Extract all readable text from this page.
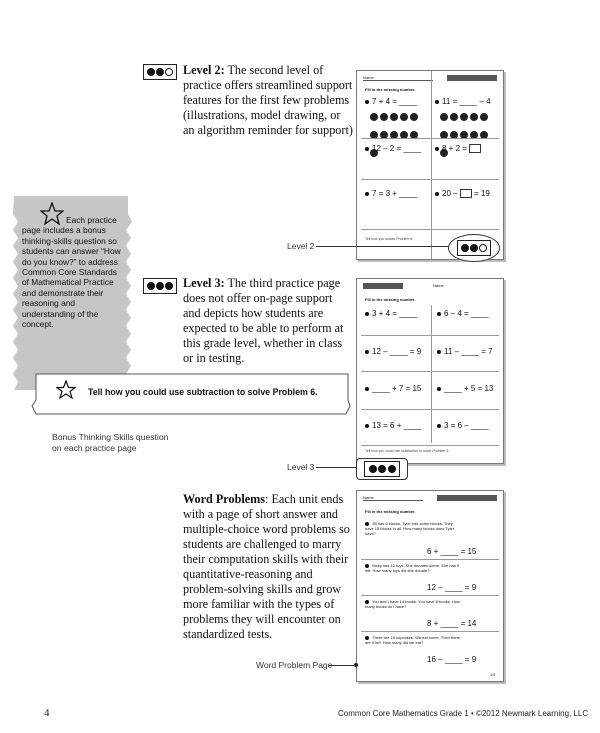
Level 2: The second level of practice offers streamlined support features for the first few problems (illustrations, model drawing, or an algorithm reminder for support)
Name
Fill in the missing number.
7 + 4 = ____	11 = ____ – 4
12 – 2 = ____	8 + 2 =
7 = 3 + ____	20 – = 19
Tell how you solved Problem 6.
Level 2
Each practice page includes a bonus thinking-skills question so students can answer “How do you know?” to address Common Core Standards of Mathematical Practice and demonstrate their reasoning and understanding of the concept.
Level 3: The third practice page does not offer on-page support and depicts how students are expected to be able to perform at this grade level, whether in class or in testing.
Name
Fill in the missing number.
3 + 4 = ____	6 – 4 = ____
12 – ____ = 9	11 – ____ = 7
____ + 7 = 15	____ + 5 = 13
13 = 6 + ____	3 = 6 – ____
Tell how you could use subtraction to solve Problem 6.
Level 3
Tell how you could use subtraction to solve Problem 6.
Bonus Thinking Skills question
on each practice page
Word Problems: Each unit ends with a page of short answer and multiple-choice word problems so students are challenged to marry their computation skills with their quantitative-reasoning and problem-solving skills and grow more familiar with the types of problems they will encounter on standardized tests.
Name
Fill in the missing number.
Jill has 6 blocks. Tyler has some blocks. They have 15 blocks in all. How many blocks does Tyler have?
6 + ____ = 15
Nicky has 12 toys. She donates some. She has 9 left. How many toys did she donate?
12 – ____ = 9
You and I have 14 books. You have 8 books. How many books do I have?
8 + ____ = 14
There are 16 cupcakes. We eat some. Then there are 9 left. How many did we eat?
16 – ____ = 9
24
Word Problem Page
4	Common Core Mathematics Grade 1 • ©2012 Newmark Learning, LLC
